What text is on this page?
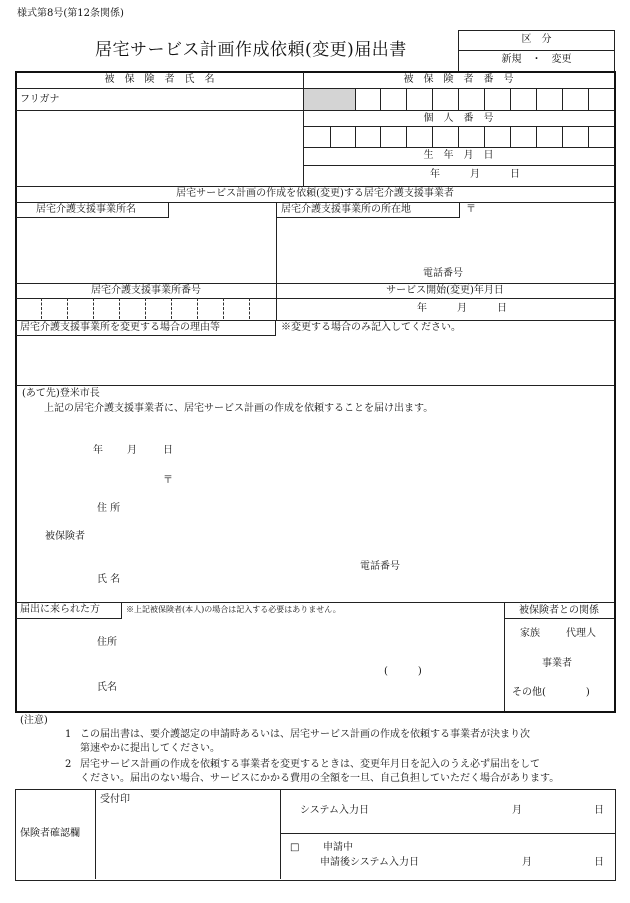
様式第8号(第12条関係)
居宅サービス計画作成依頼(変更)届出書
区　分
新規　・　変更
被　保　険　者　氏　名	被　保　険　者　番　号
フリガナ
個　人　番　号
生　年　月　日
年　　　月　　　日
居宅サービス計画の作成を依頼(変更)する居宅介護支援事業者
居宅介護支援事業所名	居宅介護支援事業所の所在地	〒
電話番号
居宅介護支援事業所番号	サービス開始(変更)年月日
年　　　月　　　日
居宅介護支援事業所を変更する場合の理由等	※変更する場合のみ記入してください。
(あて先)登米市長
上記の居宅介護支援事業者に、居宅サービス計画の作成を依頼することを届け出ます。
年 月	日
〒
住 所
被保険者
電話番号
氏 名
届出に来られた方	※上記被保険者(本人)の場合は記入する必要はありません。
住所
(　　　)
氏名
被保険者との関係
家族	代理人
事業者
その他(　　　　)
(注意)
1 この届出書は、要介護認定の申請時あるいは、居宅サービス計画の作成を依頼する事業者が決まり次
第速やかに提出してください。
2 居宅サービス計画の作成を依頼する事業者を変更するときは、変更年月日を記入のうえ必ず届出をして
ください。届出のない場合、サービスにかかる費用の全額を一旦、自己負担していただく場合があります。
保険者確認欄
受付印
システム入力日	月	日
□ 申請中
申請後システム入力日	月	日
